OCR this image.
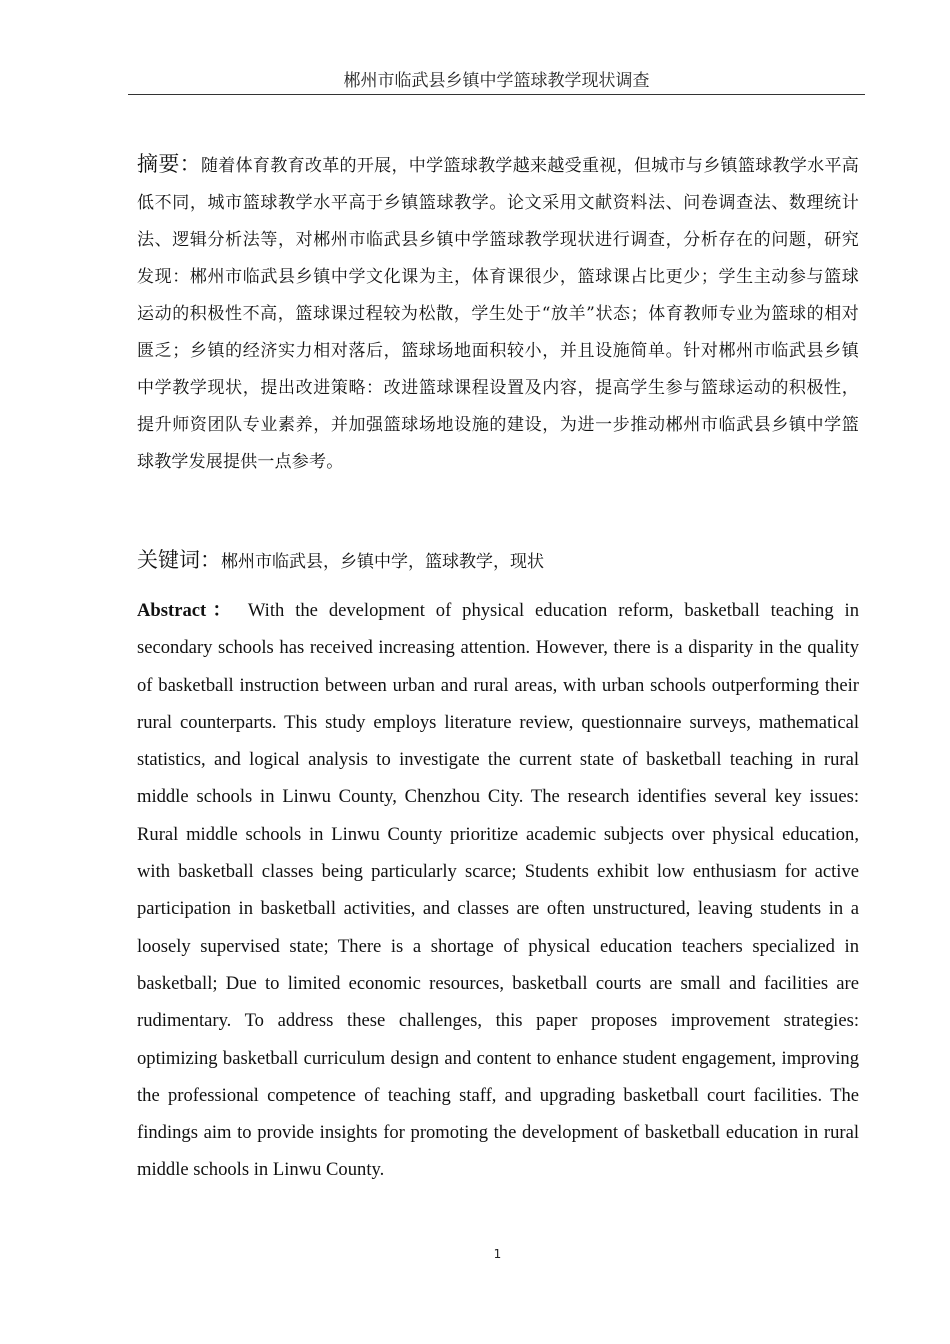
郴州市临武县乡镇中学篮球教学现状调查

摘要：随着体育教育改革的开展，中学篮球教学越来越受重视，但城市与乡镇篮球教学水平高低不同，城市篮球教学水平高于乡镇篮球教学。论文采用文献资料法、问卷调查法、数理统计法、逻辑分析法等，对郴州市临武县乡镇中学篮球教学现状进行调查，分析存在的问题，研究发现：郴州市临武县乡镇中学文化课为主，体育课很少，篮球课占比更少；学生主动参与篮球运动的积极性不高，篮球课过程较为松散，学生处于“放羊”状态；体育教师专业为篮球的相对匮乏；乡镇的经济实力相对落后，篮球场地面积较小，并且设施简单。针对郴州市临武县乡镇中学教学现状，提出改进策略：改进篮球课程设置及内容，提高学生参与篮球运动的积极性，提升师资团队专业素养，并加强篮球场地设施的建设，为进一步推动郴州市临武县乡镇中学篮球教学发展提供一点参考。

关键词：郴州市临武县，乡镇中学，篮球教学，现状

Abstract： With the development of physical education reform, basketball teaching in secondary schools has received increasing attention. However, there is a disparity in the quality of basketball instruction between urban and rural areas, with urban schools outperforming their rural counterparts. This study employs literature review, questionnaire surveys, mathematical statistics, and logical analysis to investigate the current state of basketball teaching in rural middle schools in Linwu County, Chenzhou City. The research identifies several key issues: Rural middle schools in Linwu County prioritize academic subjects over physical education, with basketball classes being particularly scarce; Students exhibit low enthusiasm for active participation in basketball activities, and classes are often unstructured, leaving students in a loosely supervised state; There is a shortage of physical education teachers specialized in basketball; Due to limited economic resources, basketball courts are small and facilities are rudimentary. To address these challenges, this paper proposes improvement strategies: optimizing basketball curriculum design and content to enhance student engagement, improving the professional competence of teaching staff, and upgrading basketball court facilities. The findings aim to provide insights for promoting the development of basketball education in rural middle schools in Linwu County.

1
